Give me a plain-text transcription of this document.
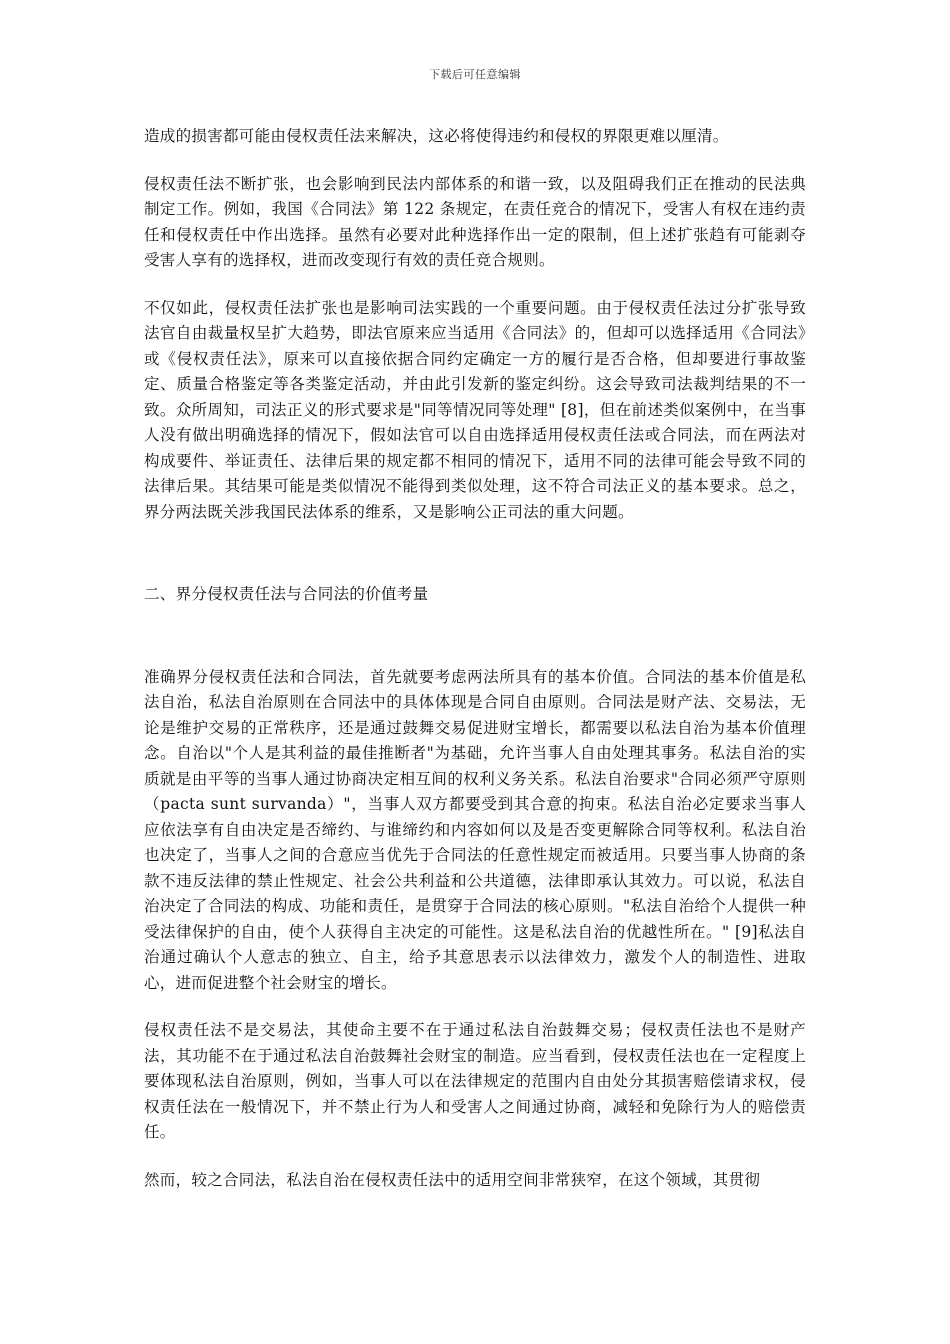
下载后可任意编辑

造成的损害都可能由侵权责任法来解决，这必将使得违约和侵权的界限更难以厘清。

侵权责任法不断扩张，也会影响到民法内部体系的和谐一致，以及阻碍我们正在推动的民法典制定工作。例如，我国《合同法》第 122 条规定，在责任竞合的情况下，受害人有权在违约责任和侵权责任中作出选择。虽然有必要对此种选择作出一定的限制，但上述扩张趋有可能剥夺受害人享有的选择权，进而改变现行有效的责任竞合规则。

不仅如此，侵权责任法扩张也是影响司法实践的一个重要问题。由于侵权责任法过分扩张导致法官自由裁量权呈扩大趋势，即法官原来应当适用《合同法》的，但却可以选择适用《合同法》或《侵权责任法》，原来可以直接依据合同约定确定一方的履行是否合格，但却要进行事故鉴定、质量合格鉴定等各类鉴定活动，并由此引发新的鉴定纠纷。这会导致司法裁判结果的不一致。众所周知，司法正义的形式要求是"同等情况同等处理" [8]，但在前述类似案例中，在当事人没有做出明确选择的情况下，假如法官可以自由选择适用侵权责任法或合同法，而在两法对构成要件、举证责任、法律后果的规定都不相同的情况下，适用不同的法律可能会导致不同的法律后果。其结果可能是类似情况不能得到类似处理，这不符合司法正义的基本要求。总之，界分两法既关涉我国民法体系的维系，又是影响公正司法的重大问题。

二、界分侵权责任法与合同法的价值考量

准确界分侵权责任法和合同法，首先就要考虑两法所具有的基本价值。合同法的基本价值是私法自治，私法自治原则在合同法中的具体体现是合同自由原则。合同法是财产法、交易法，无论是维护交易的正常秩序，还是通过鼓舞交易促进财宝增长，都需要以私法自治为基本价值理念。自治以"个人是其利益的最佳推断者"为基础，允许当事人自由处理其事务。私法自治的实质就是由平等的当事人通过协商决定相互间的权利义务关系。私法自治要求"合同必须严守原则（pacta sunt survanda）"，当事人双方都要受到其合意的拘束。私法自治必定要求当事人应依法享有自由决定是否缔约、与谁缔约和内容如何以及是否变更解除合同等权利。私法自治也决定了，当事人之间的合意应当优先于合同法的任意性规定而被适用。只要当事人协商的条款不违反法律的禁止性规定、社会公共利益和公共道德，法律即承认其效力。可以说，私法自治决定了合同法的构成、功能和责任，是贯穿于合同法的核心原则。"私法自治给个人提供一种受法律保护的自由，使个人获得自主决定的可能性。这是私法自治的优越性所在。" [9]私法自治通过确认个人意志的独立、自主，给予其意思表示以法律效力，激发个人的制造性、进取心，进而促进整个社会财宝的增长。

侵权责任法不是交易法，其使命主要不在于通过私法自治鼓舞交易；侵权责任法也不是财产法，其功能不在于通过私法自治鼓舞社会财宝的制造。应当看到，侵权责任法也在一定程度上要体现私法自治原则，例如，当事人可以在法律规定的范围内自由处分其损害赔偿请求权，侵权责任法在一般情况下，并不禁止行为人和受害人之间通过协商，减轻和免除行为人的赔偿责任。

然而，较之合同法，私法自治在侵权责任法中的适用空间非常狭窄，在这个领域，其贯彻
